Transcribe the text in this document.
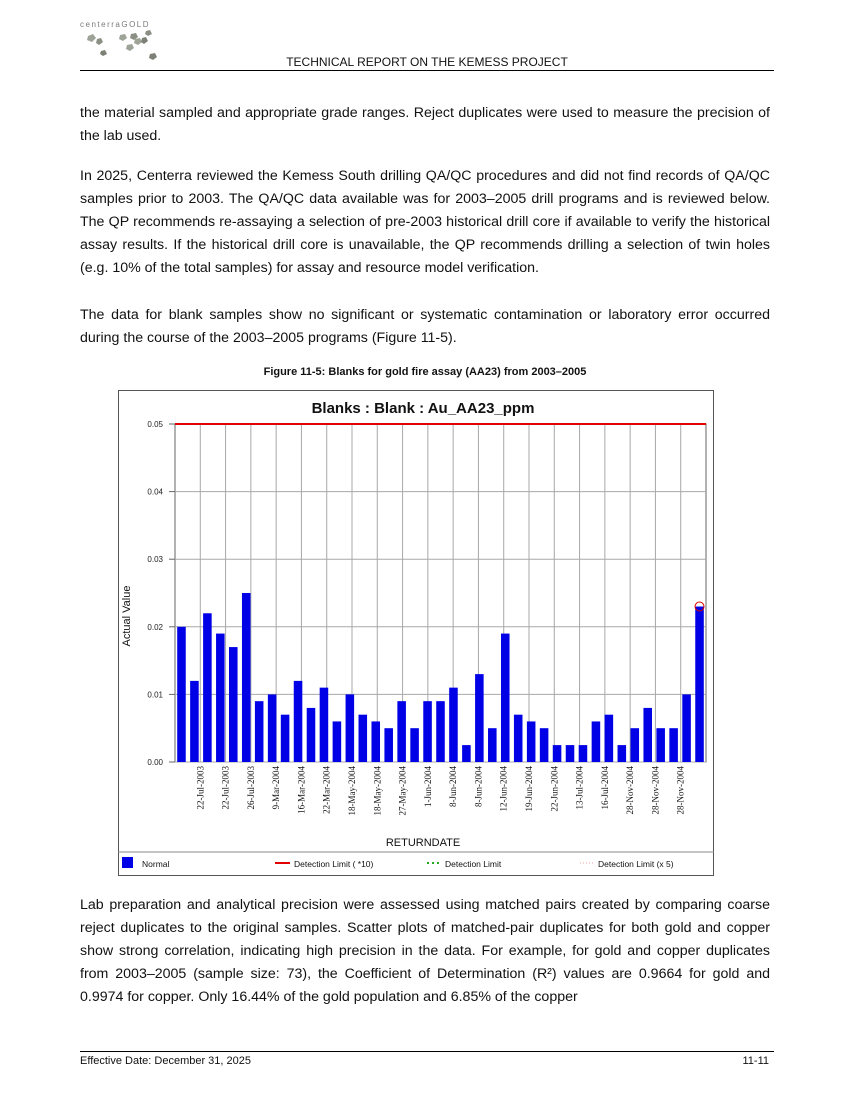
centerraGOLD
TECHNICAL REPORT ON THE KEMESS PROJECT

the material sampled and appropriate grade ranges. Reject duplicates were used to measure the precision of the lab used.

In 2025, Centerra reviewed the Kemess South drilling QA/QC procedures and did not find records of QA/QC samples prior to 2003. The QA/QC data available was for 2003–2005 drill programs and is reviewed below. The QP recommends re-assaying a selection of pre-2003 historical drill core if available to verify the historical assay results. If the historical drill core is unavailable, the QP recommends drilling a selection of twin holes (e.g. 10% of the total samples) for assay and resource model verification.

The data for blank samples show no significant or systematic contamination or laboratory error occurred during the course of the 2003–2005 programs (Figure 11-5).

Figure 11-5: Blanks for gold fire assay (AA23) from 2003–2005
Blanks : Blank : Au_AA23_ppm
0.00
0.01
0.02
0.03
0.04
0.05
22-Jul-2003 22-Jul-2003 26-Jul-2003 9-Mar-2004 16-Mar-2004 22-Mar-2004 18-May-2004 18-May-2004 27-May-2004 1-Jun-2004 8-Jun-2004 8-Jun-2004 12-Jun-2004 19-Jun-2004 22-Jun-2004 13-Jul-2004 16-Jul-2004 28-Nov-2004 28-Nov-2004 28-Nov-2004
Actual Value
RETURNDATE
Normal	Detection Limit ( *10)	Detection Limit	Detection Limit (x 5)

Lab preparation and analytical precision were assessed using matched pairs created by comparing coarse reject duplicates to the original samples. Scatter plots of matched-pair duplicates for both gold and copper show strong correlation, indicating high precision in the data. For example, for gold and copper duplicates from 2003–2005 (sample size: 73), the Coefficient of Determination (R²) values are 0.9664 for gold and 0.9974 for copper. Only 16.44% of the gold population and 6.85% of the copper

Effective Date: December 31, 2025	11-11
